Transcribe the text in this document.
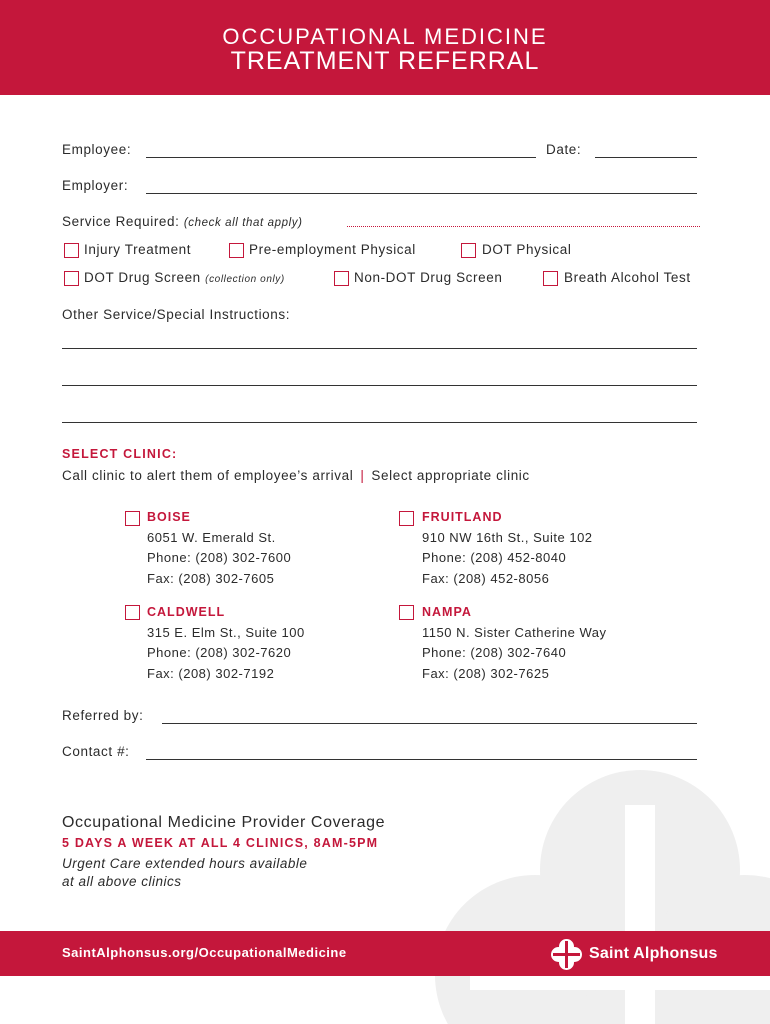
OCCUPATIONAL MEDICINE
TREATMENT REFERRAL
Employee:	Date:
Employer:
Service Required: (check all that apply)
Injury Treatment	Pre-employment Physical	DOT Physical
DOT Drug Screen (collection only)	Non-DOT Drug Screen	Breath Alcohol Test
Other Service/Special Instructions:
SELECT CLINIC:
Call clinic to alert them of employee’s arrival | Select appropriate clinic
BOISE
6051 W. Emerald St.
Phone: (208) 302-7600
Fax: (208) 302-7605
FRUITLAND
910 NW 16th St., Suite 102
Phone: (208) 452-8040
Fax: (208) 452-8056
CALDWELL
315 E. Elm St., Suite 100
Phone: (208) 302-7620
Fax: (208) 302-7192
NAMPA
1150 N. Sister Catherine Way
Phone: (208) 302-7640
Fax: (208) 302-7625
Referred by:
Contact #:
Occupational Medicine Provider Coverage
5 DAYS A WEEK AT ALL 4 CLINICS, 8AM-5PM
Urgent Care extended hours available
at all above clinics
SaintAlphonsus.org/OccupationalMedicine	Saint Alphonsus
